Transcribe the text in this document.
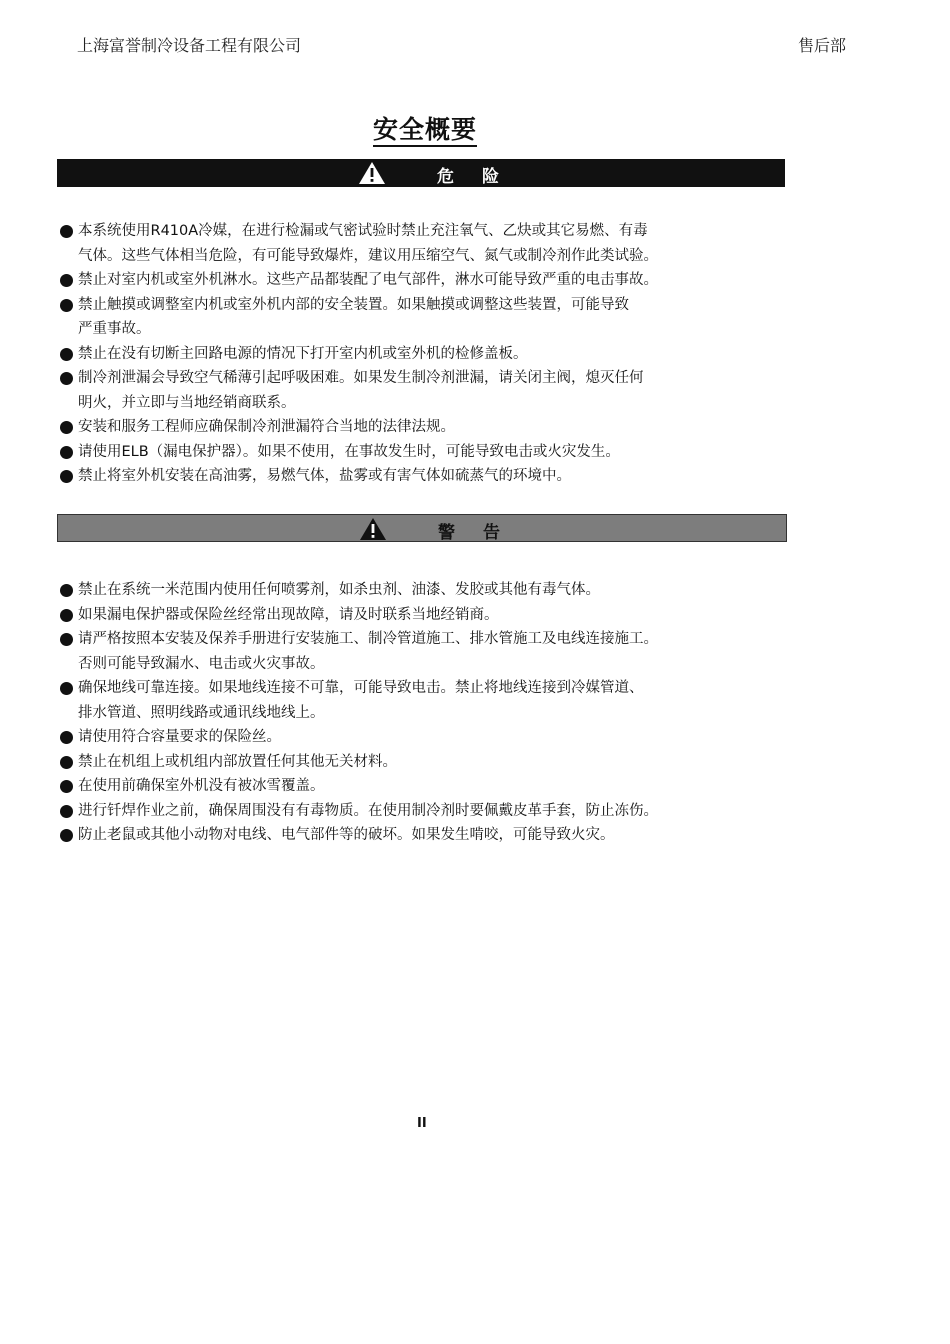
上海富誉制冷设备工程有限公司	售后部
安全概要
危险
本系统使用R410A冷媒，在进行检漏或气密试验时禁止充注氧气、乙炔或其它易燃、有毒
气体。这些气体相当危险，有可能导致爆炸，建议用压缩空气、氮气或制冷剂作此类试验。
禁止对室内机或室外机淋水。这些产品都装配了电气部件，淋水可能导致严重的电击事故。
禁止触摸或调整室内机或室外机内部的安全装置。如果触摸或调整这些装置，可能导致
严重事故。
禁止在没有切断主回路电源的情况下打开室内机或室外机的检修盖板。
制冷剂泄漏会导致空气稀薄引起呼吸困难。如果发生制冷剂泄漏，请关闭主阀，熄灭任何
明火，并立即与当地经销商联系。
安装和服务工程师应确保制冷剂泄漏符合当地的法律法规。
请使用ELB（漏电保护器）。如果不使用，在事故发生时，可能导致电击或火灾发生。
禁止将室外机安装在高油雾，易燃气体，盐雾或有害气体如硫蒸气的环境中。
警告
禁止在系统一米范围内使用任何喷雾剂，如杀虫剂、油漆、发胶或其他有毒气体。
如果漏电保护器或保险丝经常出现故障，请及时联系当地经销商。
请严格按照本安装及保养手册进行安装施工、制冷管道施工、排水管施工及电线连接施工。
否则可能导致漏水、电击或火灾事故。
确保地线可靠连接。如果地线连接不可靠，可能导致电击。禁止将地线连接到冷媒管道、
排水管道、照明线路或通讯线地线上。
请使用符合容量要求的保险丝。
禁止在机组上或机组内部放置任何其他无关材料。
在使用前确保室外机没有被冰雪覆盖。
进行钎焊作业之前，确保周围没有有毒物质。在使用制冷剂时要佩戴皮革手套，防止冻伤。
防止老鼠或其他小动物对电线、电气部件等的破坏。如果发生啃咬，可能导致火灾。
II
